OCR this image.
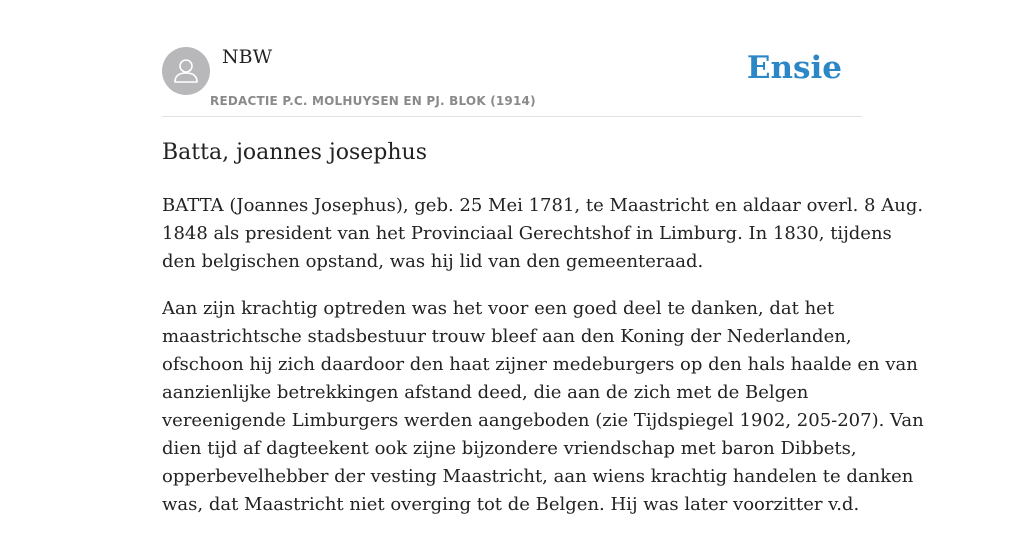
NBW
REDACTIE P.C. MOLHUYSEN EN PJ. BLOK (1914)
Ensie
Batta, joannes josephus

BATTA (Joannes Josephus), geb. 25 Mei 1781, te Maastricht en aldaar overl. 8 Aug.
1848 als president van het Provinciaal Gerechtshof in Limburg. In 1830, tijdens
den belgischen opstand, was hij lid van den gemeenteraad.

Aan zijn krachtig optreden was het voor een goed deel te danken, dat het
maastrichtsche stadsbestuur trouw bleef aan den Koning der Nederlanden,
ofschoon hij zich daardoor den haat zijner medeburgers op den hals haalde en van
aanzienlijke betrekkingen afstand deed, die aan de zich met de Belgen
vereenigende Limburgers werden aangeboden (zie Tijdspiegel 1902, 205-207). Van
dien tijd af dagteekent ook zijne bijzondere vriendschap met baron Dibbets,
opperbevelhebber der vesting Maastricht, aan wiens krachtig handelen te danken
was, dat Maastricht niet overging tot de Belgen. Hij was later voorzitter v.d.
